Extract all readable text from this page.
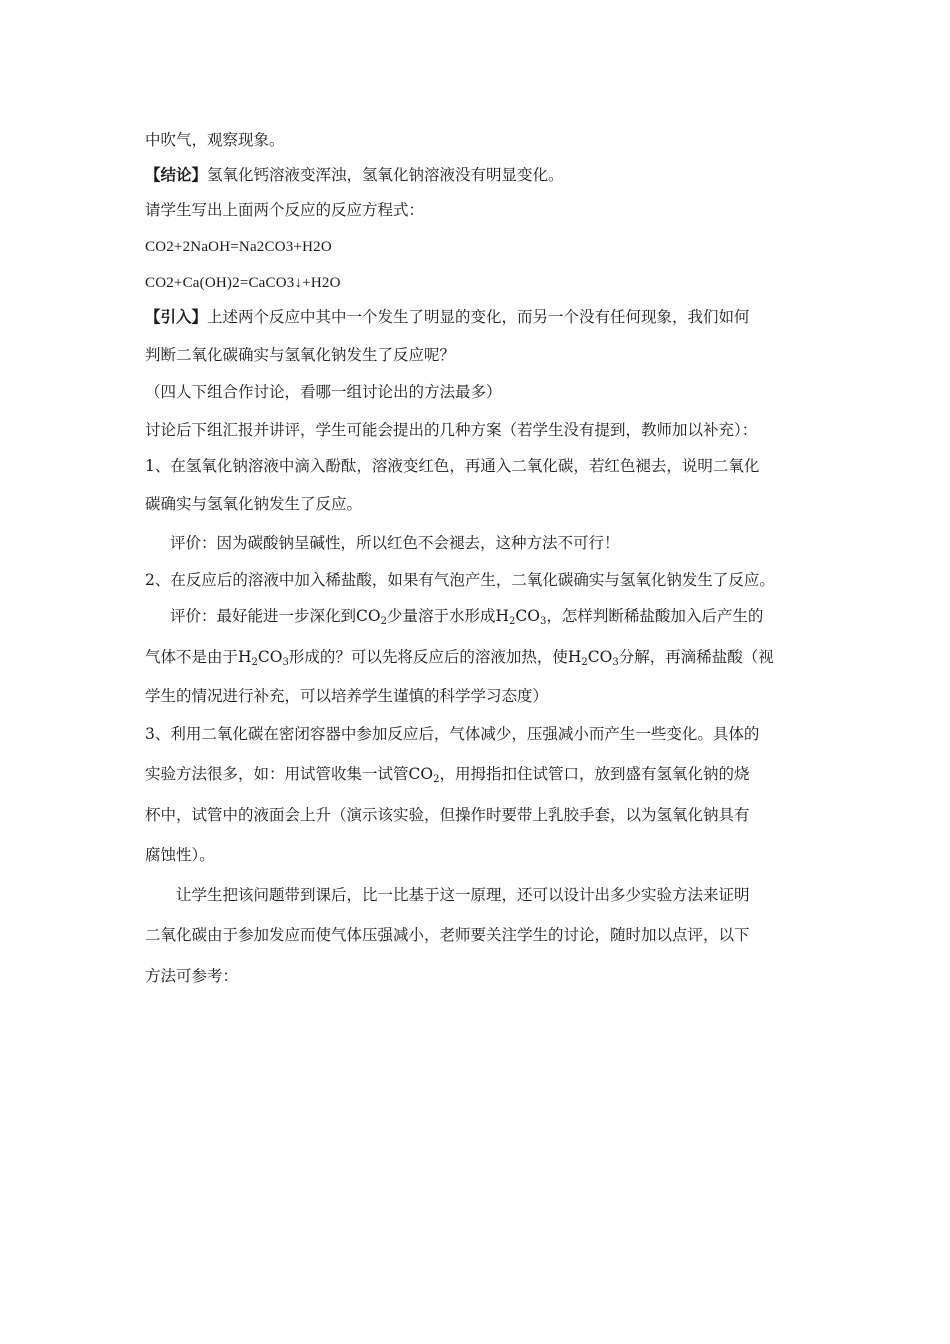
中吹气，观察现象。
【结论】氢氧化钙溶液变浑浊，氢氧化钠溶液没有明显变化。
请学生写出上面两个反应的反应方程式：
CO2+2NaOH=Na2CO3+H2O
CO2+Ca(OH)2=CaCO3↓+H2O
【引入】上述两个反应中其中一个发生了明显的变化，而另一个没有任何现象，我们如何
判断二氧化碳确实与氢氧化钠发生了反应呢？
（四人下组合作讨论，看哪一组讨论出的方法最多）
讨论后下组汇报并讲评，学生可能会提出的几种方案（若学生没有提到，教师加以补充）：
1、在氢氧化钠溶液中滴入酚酞，溶液变红色，再通入二氧化碳，若红色褪去，说明二氧化
碳确实与氢氧化钠发生了反应。
评价：因为碳酸钠呈碱性，所以红色不会褪去，这种方法不可行！
2、在反应后的溶液中加入稀盐酸，如果有气泡产生，二氧化碳确实与氢氧化钠发生了反应。
评价：最好能进一步深化到$CO_2$少量溶于水形成$H_2CO_3$，怎样判断稀盐酸加入后产生的
气体不是由于$H_2CO_3$形成的？可以先将反应后的溶液加热，使$H_2CO_3$分解，再滴稀盐酸（视
学生的情况进行补充，可以培养学生谨慎的科学学习态度）
3、利用二氧化碳在密闭容器中参加反应后，气体减少，压强减小而产生一些变化。具体的
实验方法很多，如：用试管收集一试管$CO_2$，用拇指扣住试管口，放到盛有氢氧化钠的烧
杯中，试管中的液面会上升（演示该实验，但操作时要带上乳胶手套，以为氢氧化钠具有
腐蚀性）。
让学生把该问题带到课后，比一比基于这一原理，还可以设计出多少实验方法来证明
二氧化碳由于参加发应而使气体压强减小，老师要关注学生的讨论，随时加以点评，以下
方法可参考：
